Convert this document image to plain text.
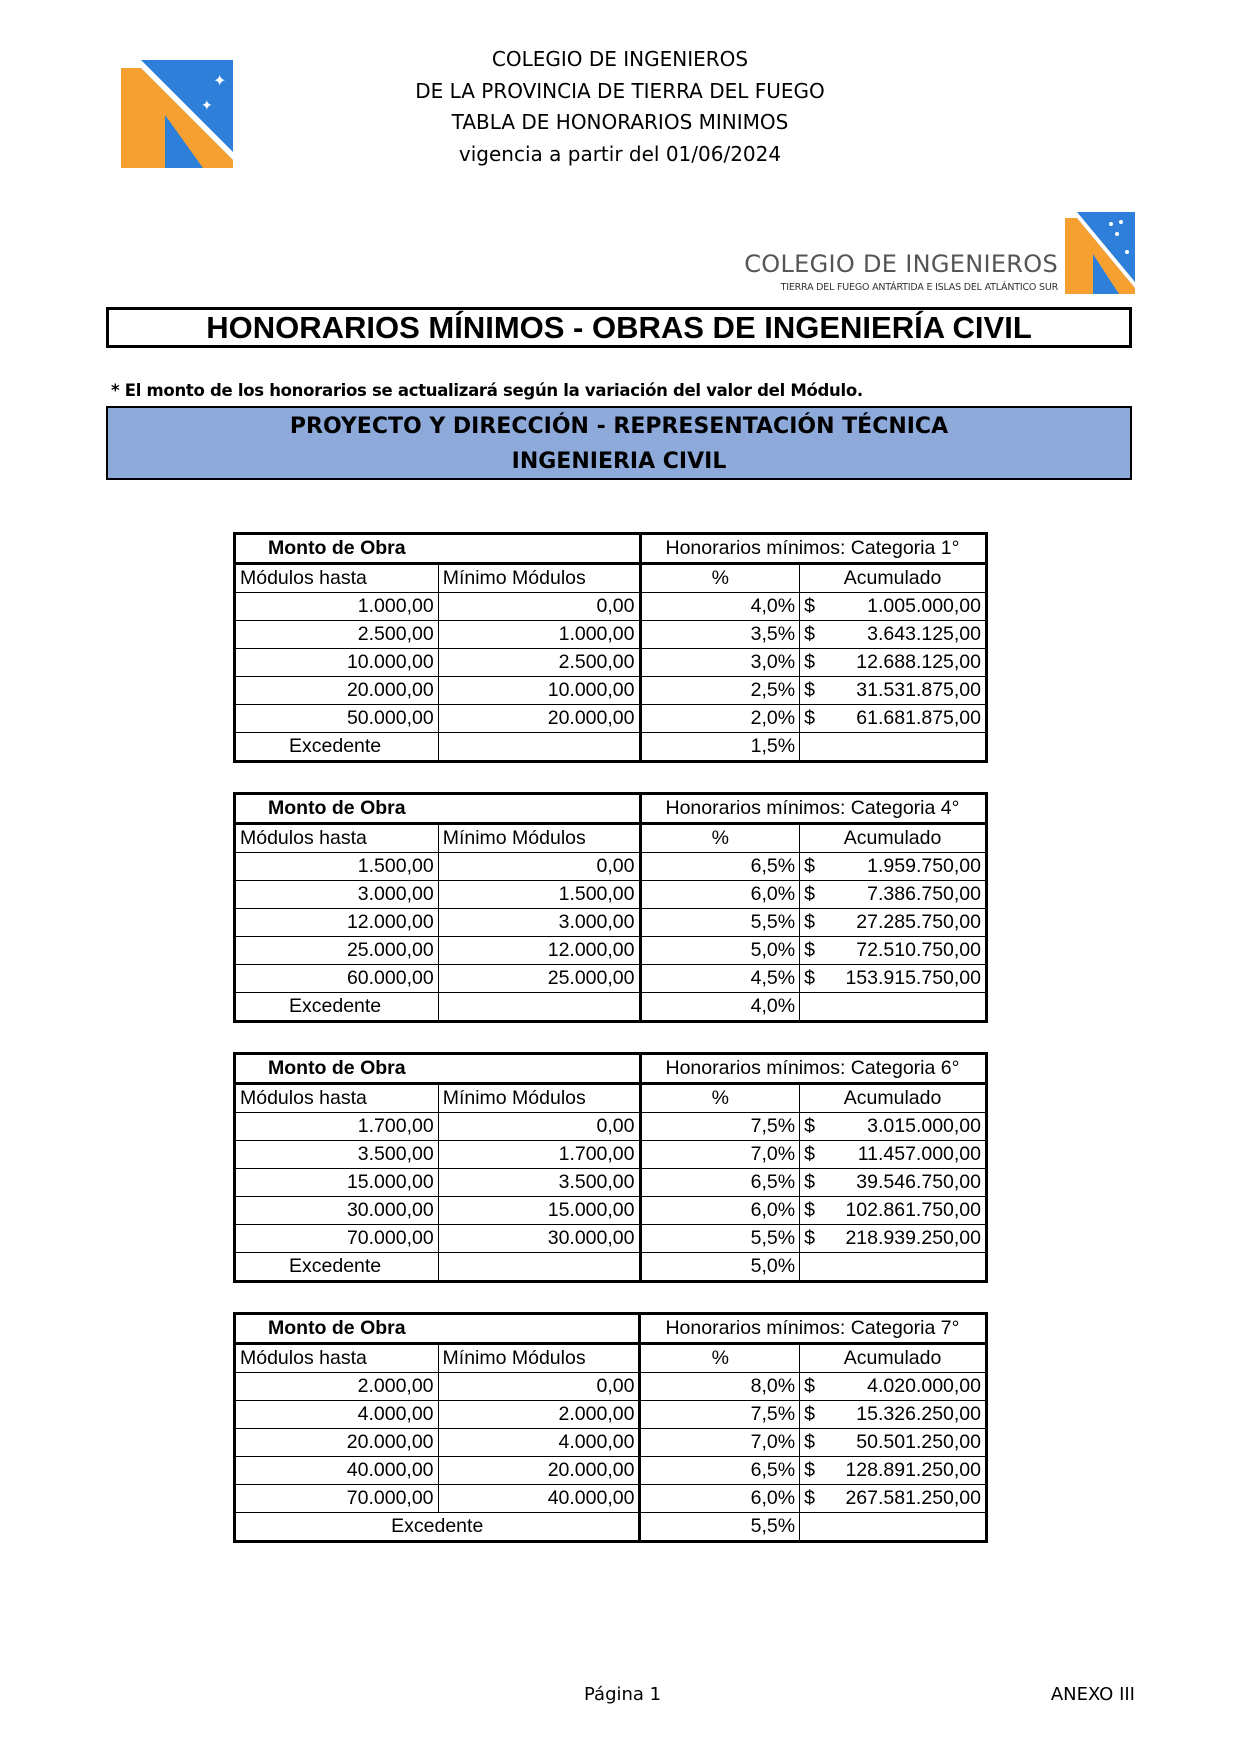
✦
✦
COLEGIO DE INGENIEROS
DE LA PROVINCIA DE TIERRA DEL FUEGO
TABLA DE HONORARIOS MINIMOS
vigencia a partir del 01/06/2024
COLEGIO DE INGENIEROS
TIERRA DEL FUEGO ANTÁRTIDA E ISLAS DEL ATLÁNTICO SUR
HONORARIOS MÍNIMOS - OBRAS DE INGENIERÍA CIVIL
* El monto de los honorarios se actualizará según la variación del valor del Módulo.
PROYECTO Y DIRECCIÓN - REPRESENTACIÓN TÉCNICA
INGENIERIA CIVIL
Monto de Obra		Honorarios mínimos: Categoria 1°	
Módulos hasta	Mínimo Módulos	%	Acumulado
1.000,00	0,00	4,0%	$ 1.005.000,00

2.500,00	1.000,00	3,5%	$ 3.643.125,00

10.000,00	2.500,00	3,0%	$ 12.688.125,00

20.000,00	10.000,00	2,5%	$ 31.531.875,00

50.000,00	20.000,00	2,0%	$ 61.681.875,00

Excedente		1,5%	
Monto de Obra		Honorarios mínimos: Categoria 4°	
Módulos hasta	Mínimo Módulos	%	Acumulado
1.500,00	0,00	6,5%	$ 1.959.750,00

3.000,00	1.500,00	6,0%	$ 7.386.750,00

12.000,00	3.000,00	5,5%	$ 27.285.750,00

25.000,00	12.000,00	5,0%	$ 72.510.750,00

60.000,00	25.000,00	4,5%	$ 153.915.750,00

Excedente		4,0%	
Monto de Obra		Honorarios mínimos: Categoria 6°	
Módulos hasta	Mínimo Módulos	%	Acumulado
1.700,00	0,00	7,5%	$ 3.015.000,00

3.500,00	1.700,00	7,0%	$ 11.457.000,00

15.000,00	3.500,00	6,5%	$ 39.546.750,00

30.000,00	15.000,00	6,0%	$ 102.861.750,00

70.000,00	30.000,00	5,5%	$ 218.939.250,00

Excedente		5,0%	
Monto de Obra		Honorarios mínimos: Categoria 7°	
Módulos hasta	Mínimo Módulos	%	Acumulado
2.000,00	0,00	8,0%	$ 4.020.000,00

4.000,00	2.000,00	7,5%	$ 15.326.250,00

20.000,00	4.000,00	7,0%	$ 50.501.250,00

40.000,00	20.000,00	6,5%	$ 128.891.250,00

70.000,00	40.000,00	6,0%	$ 267.581.250,00

Excedente		5,5%	
Página 1	ANEXO III
